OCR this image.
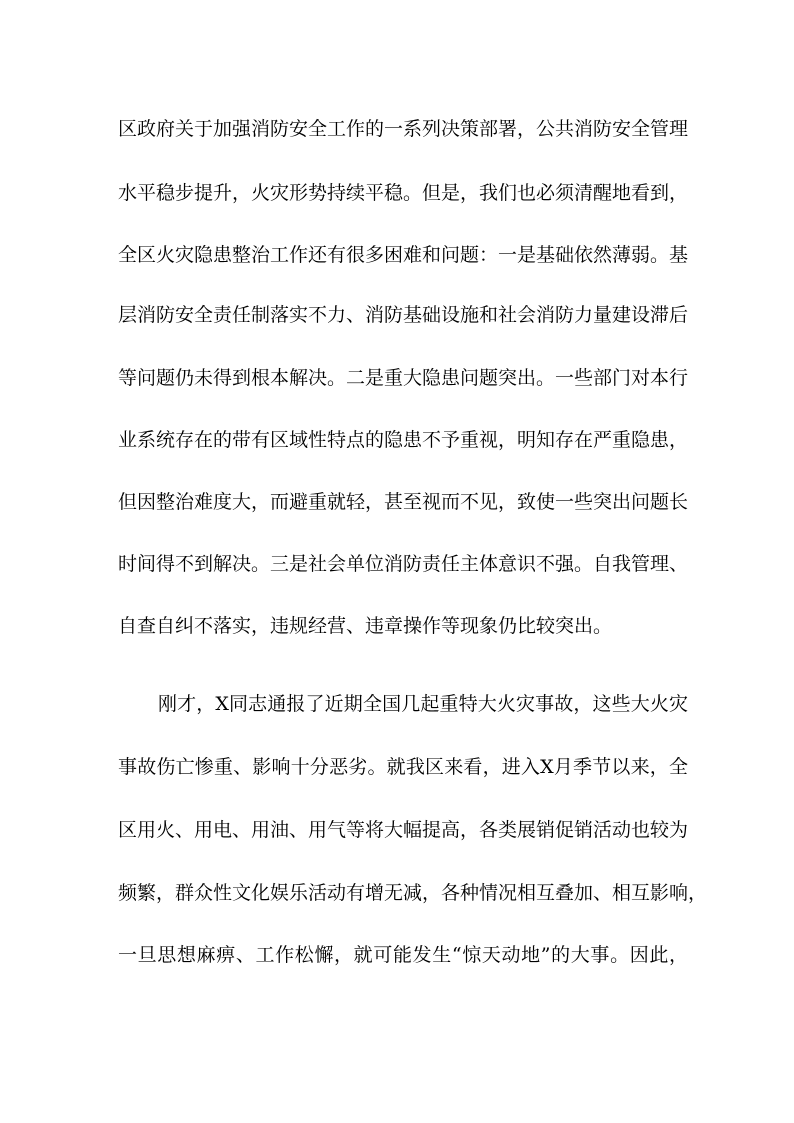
区政府关于加强消防安全工作的一系列决策部署，公共消防安全管理
水平稳步提升，火灾形势持续平稳。但是，我们也必须清醒地看到，
全区火灾隐患整治工作还有很多困难和问题：一是基础依然薄弱。基
层消防安全责任制落实不力、消防基础设施和社会消防力量建设滞后
等问题仍未得到根本解决。二是重大隐患问题突出。一些部门对本行
业系统存在的带有区域性特点的隐患不予重视，明知存在严重隐患，
但因整治难度大，而避重就轻，甚至视而不见，致使一些突出问题长
时间得不到解决。三是社会单位消防责任主体意识不强。自我管理、
自查自纠不落实，违规经营、违章操作等现象仍比较突出。
刚才，X同志通报了近期全国几起重特大火灾事故，这些大火灾
事故伤亡惨重、影响十分恶劣。就我区来看，进入X月季节以来，全
区用火、用电、用油、用气等将大幅提高，各类展销促销活动也较为
频繁，群众性文化娱乐活动有增无减，各种情况相互叠加、相互影响，
一旦思想麻痹、工作松懈，就可能发生“惊天动地”的大事。因此，
